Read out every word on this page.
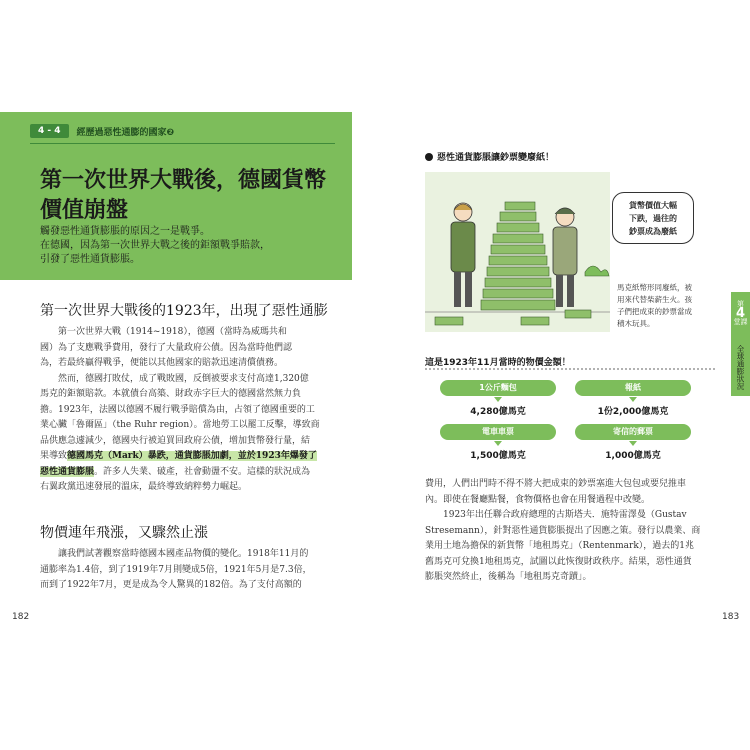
4 - 4	經歷過惡性通膨的國家❷
第一次世界大戰後，德國貨幣
價值崩盤
觸發惡性通貨膨脹的原因之一是戰爭。
在德國，因為第一次世界大戰之後的鉅額戰爭賠款，
引發了惡性通貨膨脹。
第一次世界大戰後的1923年，出現了惡性通膨
第一次世界大戰（1914~1918），德國（當時為威瑪共和
國）為了支應戰爭費用，發行了大量政府公債。因為當時他們認
為，若最終贏得戰爭，便能以其他國家的賠款迅速清償債務。
然而，德國打敗仗，成了戰敗國，反倒被要求支付高達1,320億
馬克的鉅額賠款。本就債台高築、財政赤字巨大的德國當然無力負
擔。1923年，法國以德國不履行戰爭賠償為由，占領了德國重要的工
業心臟「魯爾區」（the Ruhr region）。當地勞工以罷工反擊，導致商
品供應急遽減少，德國央行被迫買回政府公債，增加貨幣發行量，結
果導致德國馬克（Mark）暴跌，通貨膨脹加劇，並於1923年爆發了
惡性通貨膨脹。許多人失業、破產，社會動盪不安。這樣的狀況成為
右翼政黨迅速發展的溫床，最終導致納粹勢力崛起。
物價連年飛漲，又驟然止漲
讓我們試著觀察當時德國本國產品物價的變化。1918年11月的
通膨率為1.4倍，到了1919年7月則變成5倍，1921年5月是7.3倍，
而到了1922年7月，更是成為令人驚異的182倍。為了支付高額的
182
惡性通貨膨脹讓鈔票變廢紙！
貨幣價值大幅
下跌，過往的
鈔票成為廢紙
馬克紙幣形同廢紙，被
用來代替柴薪生火。孩
子們把成束的鈔票當成
積木玩具。
這是1923年11月當時的物價金額！
1公斤麵包
4,280億馬克
報紙
1份2,000億馬克
電車車票
1,500億馬克
寄信的郵票
1,000億馬克
費用，人們出門時不得不將大把成束的鈔票塞進大包包或要兒推車
內。即使在餐廳點餐，食物價格也會在用餐過程中改變。
1923年出任聯合政府總理的古斯塔夫．施特雷澤曼（Gustav
Stresemann），針對惡性通貨膨脹提出了因應之策。發行以農業、商
業用土地為擔保的新貨幣「地租馬克」（Rentenmark），過去的1兆
舊馬克可兌換1地租馬克，試圖以此恢復財政秩序。結果，惡性通貨
膨脹突然終止，後稱為「地租馬克奇蹟」。
第
4
堂課
全球通膨狀況
183
